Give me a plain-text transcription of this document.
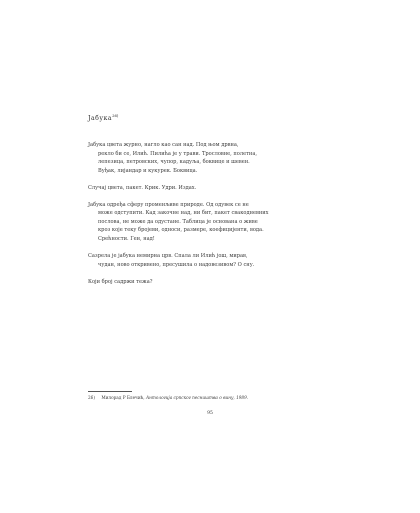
Јабука$^{26)}$

Јабука цвета журно, нагло као сан над. Под њом дрвна,
рекло би се, Илић. Пилића је у трави. Трословне, полетна,
лепезица, петровских, чупор, кадуља, боквице и шевен.
Вуђак, лијандар и кукурек. Боквица.

Случај цвета, пакет. Крик. Удри. Издах.

Јабука одређа сферу променљиве природе. Од одувек се не
може одступити. Кад закочне над, ни бит, пакет свакодневних
послова, не може да одустане. Таблица је основана о живе
кроз које теку бројеви, односи, размере, коефицијенти, вода.
Срећности. Ген, над!

Сазрела је јабука немирна црв. Спала ли Илић још, мирав,
чудан, ново откривено, пресушила о надовезивом? О сну.

Који број садржи тежа?

26) Милорад Р Блечић, Антологија српског песништва о вину, 1989.
95
